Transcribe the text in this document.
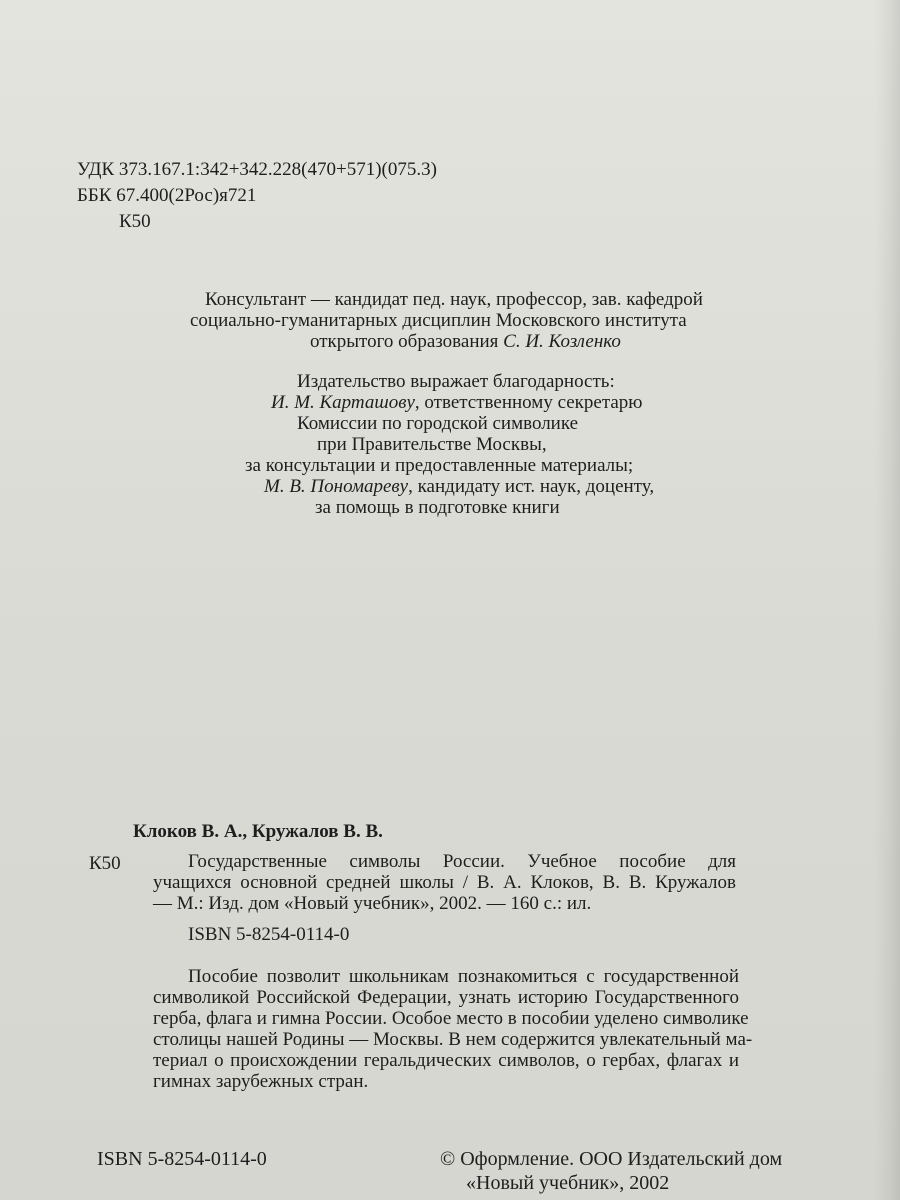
УДК 373.167.1:342+342.228(470+571)(075.3)
ББК 67.400(2Рос)я721
К50
Консультант — кандидат пед. наук, профессор, зав. кафедрой
социально-гуманитарных дисциплин Московского института
открытого образования С. И. Козленко
Издательство выражает благодарность:
И. М. Карташову, ответственному секретарю
Комиссии по городской символике
при Правительстве Москвы,
за консультации и предоставленные материалы;
М. В. Пономареву, кандидату ист. наук, доценту,
за помощь в подготовке книги
Клоков В. А., Кружалов В. В.
К50	Государственные символы России. Учебное пособие для
учащихся основной средней школы / В. А. Клоков, В. В. Кружалов
— М.: Изд. дом «Новый учебник», 2002. — 160 с.: ил.
ISBN 5-8254-0114-0
Пособие позволит школьникам познакомиться с государственной
символикой Российской Федерации, узнать историю Государственного
герба, флага и гимна России. Особое место в пособии уделено символике
столицы нашей Родины — Москвы. В нем содержится увлекательный ма-
териал о происхождении геральдических символов, о гербах, флагах и
гимнах зарубежных стран.
ISBN 5-8254-0114-0	© Оформление. ООО Издательский дом
«Новый учебник», 2002
